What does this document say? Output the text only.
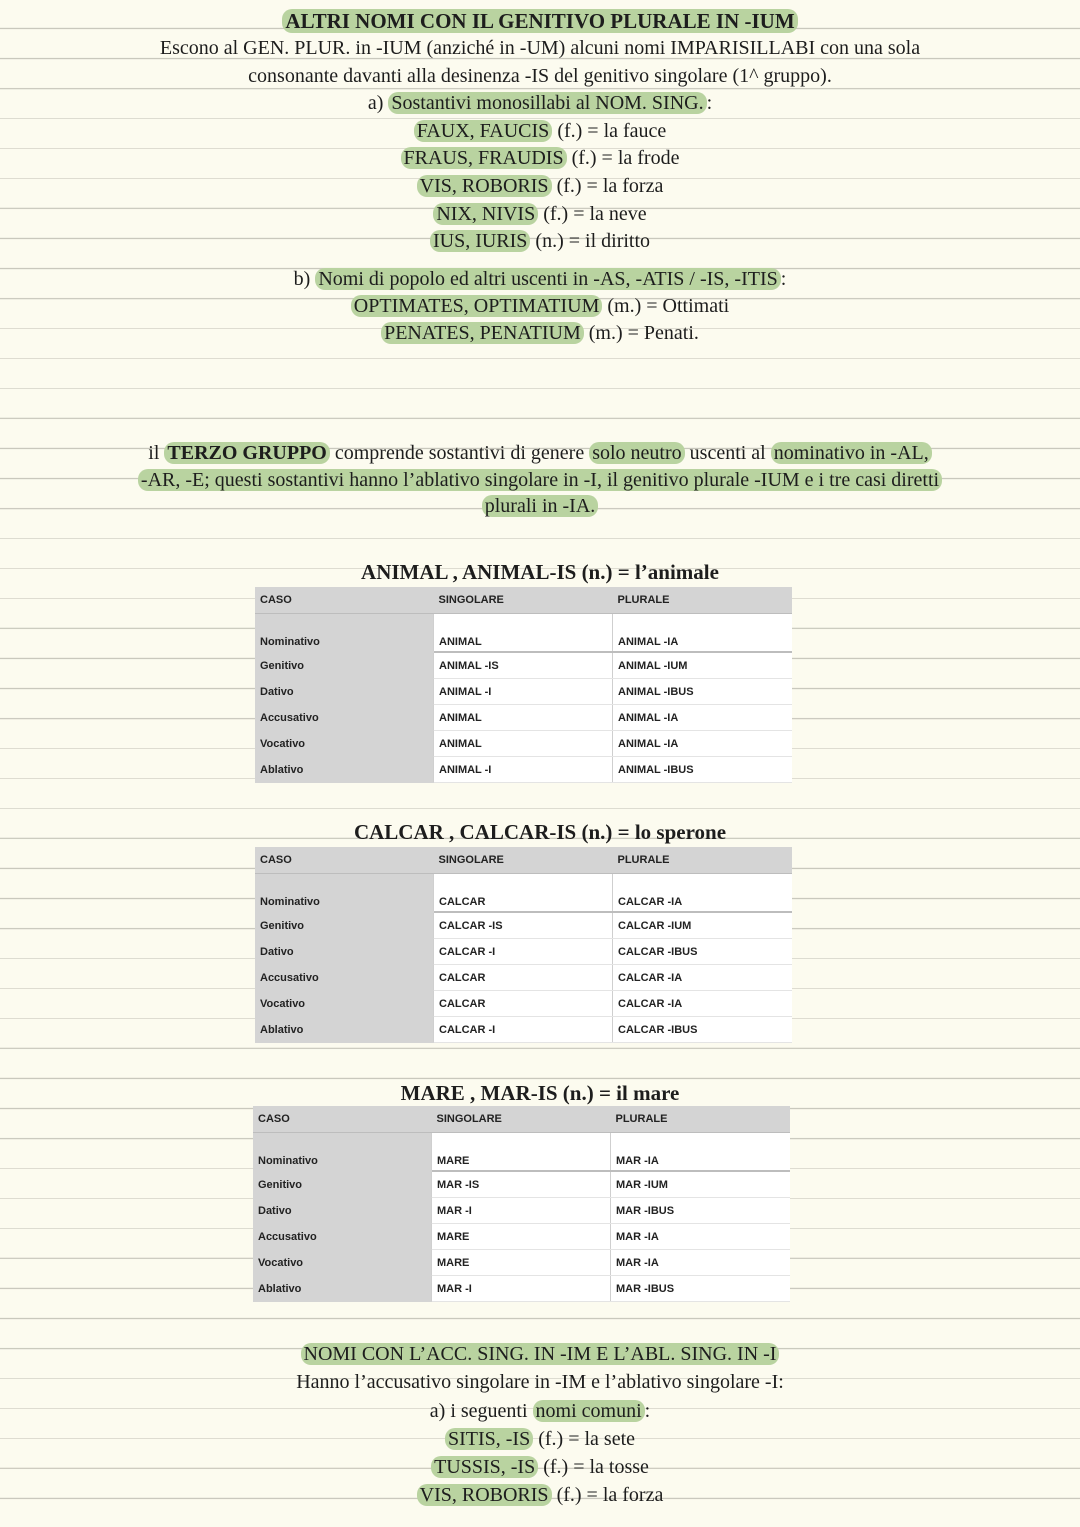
ALTRI NOMI CON IL GENITIVO PLURALE IN -IUM
Escono al GEN. PLUR. in -IUM (anziché in -UM) alcuni nomi IMPARISILLABI con una sola
consonante davanti alla desinenza -IS del genitivo singolare (1^ gruppo).
a) Sostantivi monosillabi al NOM. SING. :
FAUX, FAUCIS (f.) = la fauce
FRAUS, FRAUDIS (f.) = la frode
VIS, ROBORIS (f.) = la forza
NIX, NIVIS (f.) = la neve
IUS, IURIS (n.) = il diritto
b) Nomi di popolo ed altri uscenti in -AS, -ATIS / -IS, -ITIS :
OPTIMATES, OPTIMATIUM (m.) = Ottimati
PENATES, PENATIUM (m.) = Penati.
il TERZO GRUPPO comprende sostantivi di genere solo neutro uscenti al nominativo in -AL,
-AR, -E; questi sostantivi hanno l’ablativo singolare in -I, il genitivo plurale -IUM e i tre casi diretti
plurali in -IA.
ANIMAL , ANIMAL-IS (n.) = l’animale
CASO	SINGOLARE	PLURALE
Nominativo	ANIMAL	ANIMAL -IA
Genitivo	ANIMAL -IS	ANIMAL -IUM
Dativo	ANIMAL -I	ANIMAL -IBUS
Accusativo	ANIMAL	ANIMAL -IA
Vocativo	ANIMAL	ANIMAL -IA
Ablativo	ANIMAL -I	ANIMAL -IBUS
CALCAR , CALCAR-IS (n.) = lo sperone
CASO	SINGOLARE	PLURALE
Nominativo	CALCAR	CALCAR -IA
Genitivo	CALCAR -IS	CALCAR -IUM
Dativo	CALCAR -I	CALCAR -IBUS
Accusativo	CALCAR	CALCAR -IA
Vocativo	CALCAR	CALCAR -IA
Ablativo	CALCAR -I	CALCAR -IBUS
MARE , MAR-IS (n.) = il mare
CASO	SINGOLARE	PLURALE
Nominativo	MARE	MAR -IA
Genitivo	MAR -IS	MAR -IUM
Dativo	MAR -I	MAR -IBUS
Accusativo	MARE	MAR -IA
Vocativo	MARE	MAR -IA
Ablativo	MAR -I	MAR -IBUS
NOMI CON L’ACC. SING. IN -IM E L’ABL. SING. IN -I
Hanno l’accusativo singolare in -IM e l’ablativo singolare -I:
a) i seguenti nomi comuni :
SITIS, -IS (f.) = la sete
TUSSIS, -IS (f.) = la tosse
VIS, ROBORIS (f.) = la forza
